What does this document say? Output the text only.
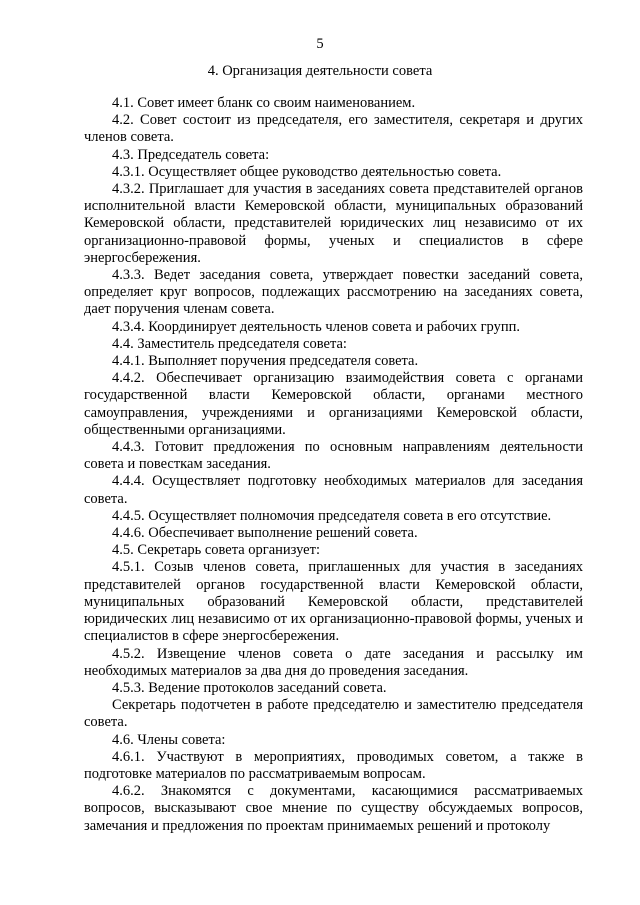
5
4. Организация деятельности совета

4.1. Совет имеет бланк со своим наименованием.

4.2. Совет состоит из председателя, его заместителя, секретаря и других членов совета.

4.3. Председатель совета:

4.3.1. Осуществляет общее руководство деятельностью совета.

4.3.2. Приглашает для участия в заседаниях совета представителей органов исполнительной власти Кемеровской области, муниципальных образований Кемеровской области, представителей юридических лиц независимо от их организационно-правовой формы, ученых и специалистов в сфере энергосбережения.

4.3.3. Ведет заседания совета, утверждает повестки заседаний совета, определяет круг вопросов, подлежащих рассмотрению на заседаниях совета, дает поручения членам совета.

4.3.4. Координирует деятельность членов совета и рабочих групп.

4.4. Заместитель председателя совета:

4.4.1. Выполняет поручения председателя совета.

4.4.2. Обеспечивает организацию взаимодействия совета с органами государственной власти Кемеровской области, органами местного самоуправления, учреждениями и организациями Кемеровской области, общественными организациями.

4.4.3. Готовит предложения по основным направлениям деятельности совета и повесткам заседания.

4.4.4. Осуществляет подготовку необходимых материалов для заседания совета.

4.4.5. Осуществляет полномочия председателя совета в его отсутствие.

4.4.6. Обеспечивает выполнение решений совета.

4.5. Секретарь совета организует:

4.5.1. Созыв членов совета, приглашенных для участия в заседаниях представителей органов государственной власти Кемеровской области, муниципальных образований Кемеровской области, представителей юридических лиц независимо от их организационно-правовой формы, ученых и специалистов в сфере энергосбережения.

4.5.2. Извещение членов совета о дате заседания и рассылку им необходимых материалов за два дня до проведения заседания.

4.5.3. Ведение протоколов заседаний совета.

Секретарь подотчетен в работе председателю и заместителю председателя совета.

4.6. Члены совета:

4.6.1. Участвуют в мероприятиях, проводимых советом, а также в подготовке материалов по рассматриваемым вопросам.

4.6.2. Знакомятся с документами, касающимися рассматриваемых вопросов, высказывают свое мнение по существу обсуждаемых вопросов, замечания и предложения по проектам принимаемых решений и протоколу
